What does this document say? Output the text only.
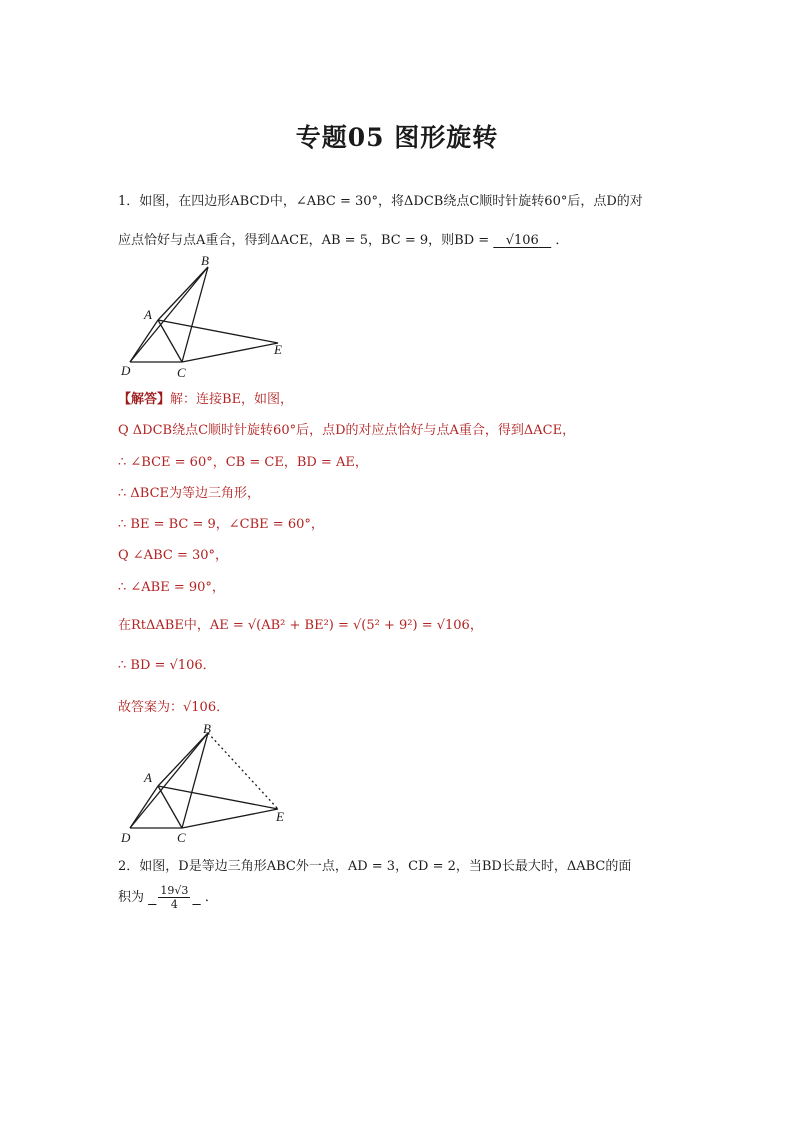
专题05 图形旋转
1．如图，在四边形ABCD中，∠ABC = 30°，将ΔDCB绕点C顺时针旋转60°后，点D的对
应点恰好与点A重合，得到ΔACE，AB = 5，BC = 9，则BD = √106 ．
B
A
D	C
E
【解答】解：连接BE，如图，
Q ΔDCB绕点C顺时针旋转60°后，点D的对应点恰好与点A重合，得到ΔACE，
∴ ∠BCE = 60°，CB = CE，BD = AE，
∴ ΔBCE为等边三角形，
∴ BE = BC = 9，∠CBE = 60°，
Q ∠ABC = 30°，
∴ ∠ABE = 90°，
在RtΔABE中，AE = √(AB² + BE²) = √(5² + 9²) = √106，
∴ BD = √106．
故答案为：√106．
B
A
D	C
E
2．如图，D是等边三角形ABC外一点，AD = 3，CD = 2，当BD长最大时，ΔABC的面
积为 $\frac{19√3}{4}$ ．
